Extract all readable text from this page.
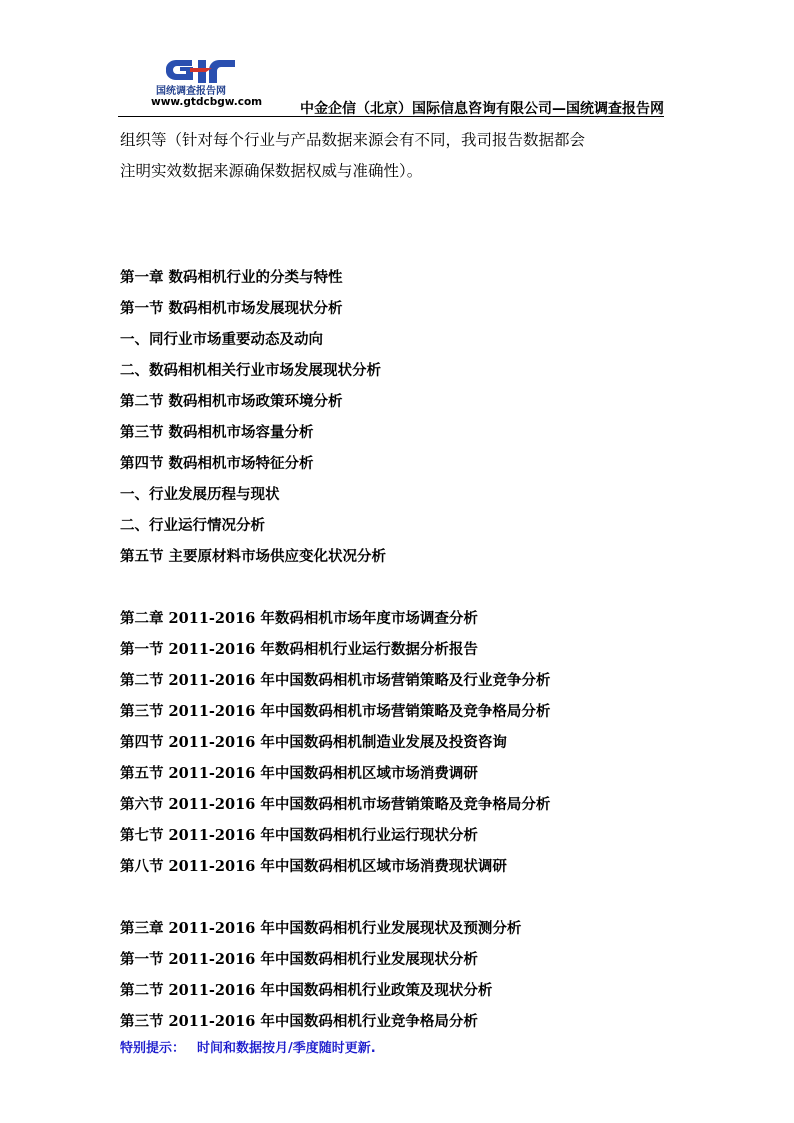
国统调查报告网
www.gtdcbgw.com	中金企信（北京）国际信息咨询有限公司—国统调查报告网

组织等（针对每个行业与产品数据来源会有不同，我司报告数据都会

注明实效数据来源确保数据权威与准确性）。

第一章 数码相机行业的分类与特性
第一节 数码相机市场发展现状分析
一、同行业市场重要动态及动向
二、数码相机相关行业市场发展现状分析
第二节 数码相机市场政策环境分析
第三节 数码相机市场容量分析
第四节 数码相机市场特征分析
一、行业发展历程与现状
二、行业运行情况分析
第五节 主要原材料市场供应变化状况分析
第二章 2011-2016 年数码相机市场年度市场调查分析
第一节 2011-2016 年数码相机行业运行数据分析报告
第二节 2011-2016 年中国数码相机市场营销策略及行业竞争分析
第三节 2011-2016 年中国数码相机市场营销策略及竞争格局分析
第四节 2011-2016 年中国数码相机制造业发展及投资咨询
第五节 2011-2016 年中国数码相机区域市场消费调研
第六节 2011-2016 年中国数码相机市场营销策略及竞争格局分析
第七节 2011-2016 年中国数码相机行业运行现状分析
第八节 2011-2016 年中国数码相机区域市场消费现状调研
第三章 2011-2016 年中国数码相机行业发展现状及预测分析
第一节 2011-2016 年中国数码相机行业发展现状分析
第二节 2011-2016 年中国数码相机行业政策及现状分析
第三节 2011-2016 年中国数码相机行业竞争格局分析
特别提示： 时间和数据按月/季度随时更新.
